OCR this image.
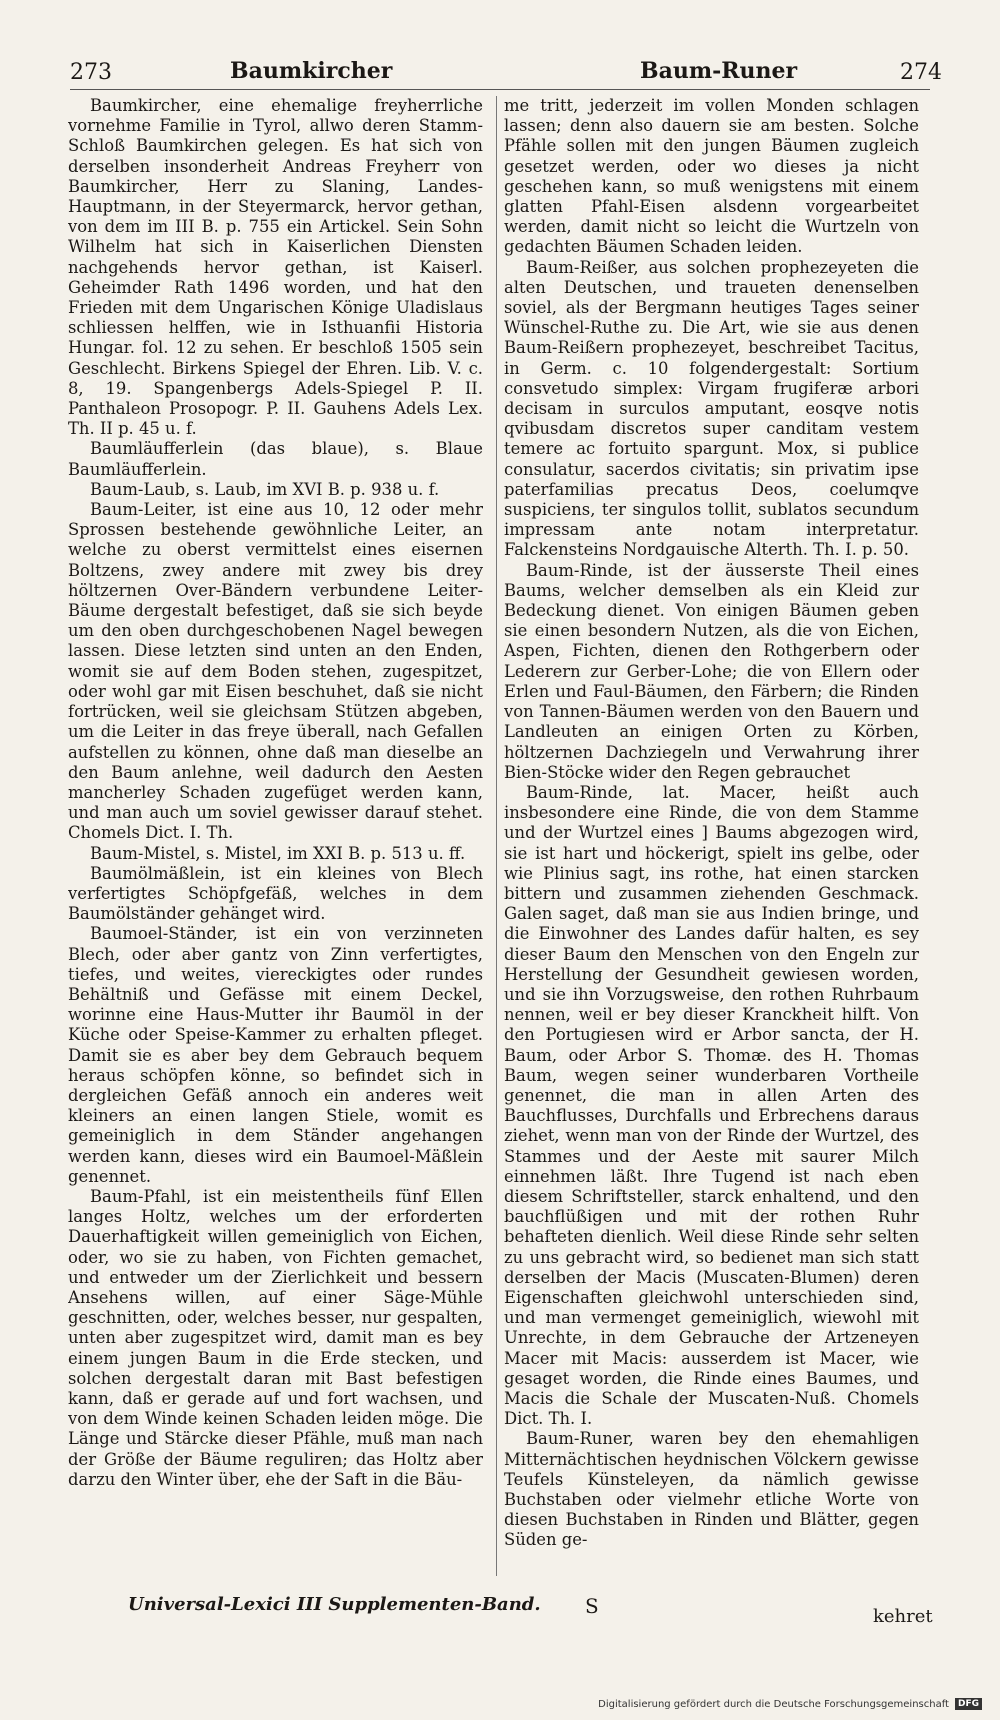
273	Baumkircher	Baum-Runer	274

Baumkircher, eine ehemalige freyherrliche vornehme Familie in Tyrol, allwo deren Stamm-Schloß Baumkirchen gelegen. Es hat sich von derselben insonderheit Andreas Freyherr von Baumkircher, Herr zu Slaning, Landes-Hauptmann, in der Steyermarck, hervor gethan, von dem im III B. p. 755 ein Artickel. Sein Sohn Wilhelm hat sich in Kaiserlichen Diensten nachgehends hervor gethan, ist Kaiserl. Geheimder Rath 1496 worden, und hat den Frieden mit dem Ungarischen Könige Uladislaus schliessen helffen, wie in Isthuanfii Historia Hungar. fol. 12 zu sehen. Er beschloß 1505 sein Geschlecht. Birkens Spiegel der Ehren. Lib. V. c. 8, 19. Spangenbergs Adels-Spiegel P. II. Panthaleon Prosopogr. P. II. Gauhens Adels Lex. Th. II p. 45 u. f.

Baumläufferlein (das blaue), s. Blaue Baumläufferlein.

Baum-Laub, s. Laub, im XVI B. p. 938 u. f.

Baum-Leiter, ist eine aus 10, 12 oder mehr Sprossen bestehende gewöhnliche Leiter, an welche zu oberst vermittelst eines eisernen Boltzens, zwey andere mit zwey bis drey höltzernen Over-Bändern verbundene Leiter-Bäume dergestalt befestiget, daß sie sich beyde um den oben durchgeschobenen Nagel bewegen lassen. Diese letzten sind unten an den Enden, womit sie auf dem Boden stehen, zugespitzet, oder wohl gar mit Eisen beschuhet, daß sie nicht fortrücken, weil sie gleichsam Stützen abgeben, um die Leiter in das freye überall, nach Gefallen aufstellen zu können, ohne daß man dieselbe an den Baum anlehne, weil dadurch den Aesten mancherley Schaden zugefüget werden kann, und man auch um soviel gewisser darauf stehet. Chomels Dict. I. Th.

Baum-Mistel, s. Mistel, im XXI B. p. 513 u. ff.

Baumölmäßlein, ist ein kleines von Blech verfertigtes Schöpfgefäß, welches in dem Baumölständer gehänget wird.

Baumoel-Ständer, ist ein von verzinneten Blech, oder aber gantz von Zinn verfertigtes, tiefes, und weites, viereckigtes oder rundes Behältniß und Gefässe mit einem Deckel, worinne eine Haus-Mutter ihr Baumöl in der Küche oder Speise-Kammer zu erhalten pfleget. Damit sie es aber bey dem Gebrauch bequem heraus schöpfen könne, so befindet sich in dergleichen Gefäß annoch ein anderes weit kleiners an einen langen Stiele, womit es gemeiniglich in dem Ständer angehangen werden kann, dieses wird ein Baumoel-Mäßlein genennet.

Baum-Pfahl, ist ein meistentheils fünf Ellen langes Holtz, welches um der erforderten Dauerhaftigkeit willen gemeiniglich von Eichen, oder, wo sie zu haben, von Fichten gemachet, und entweder um der Zierlichkeit und bessern Ansehens willen, auf einer Säge-Mühle geschnitten, oder, welches besser, nur gespalten, unten aber zugespitzet wird, damit man es bey einem jungen Baum in die Erde stecken, und solchen dergestalt daran mit Bast befestigen kann, daß er gerade auf und fort wachsen, und von dem Winde keinen Schaden leiden möge. Die Länge und Stärcke dieser Pfähle, muß man nach der Größe der Bäume reguliren; das Holtz aber darzu den Winter über, ehe der Saft in die Bäu-

me tritt, jederzeit im vollen Monden schlagen lassen; denn also dauern sie am besten. Solche Pfähle sollen mit den jungen Bäumen zugleich gesetzet werden, oder wo dieses ja nicht geschehen kann, so muß wenigstens mit einem glatten Pfahl-Eisen alsdenn vorgearbeitet werden, damit nicht so leicht die Wurtzeln von gedachten Bäumen Schaden leiden.

Baum-Reißer, aus solchen prophezeyeten die alten Deutschen, und traueten denenselben soviel, als der Bergmann heutiges Tages seiner Wünschel-Ruthe zu. Die Art, wie sie aus denen Baum-Reißern prophezeyet, beschreibet Tacitus, in Germ. c. 10 folgendergestalt: Sortium consvetudo simplex: Virgam frugiferæ arbori decisam in surculos amputant, eosqve notis qvibusdam discretos super canditam vestem temere ac fortuito spargunt. Mox, si publice consulatur, sacerdos civitatis; sin privatim ipse paterfamilias precatus Deos, coelumqve suspiciens, ter singulos tollit, sublatos secundum impressam ante notam interpretatur. Falckensteins Nordgauische Alterth. Th. I. p. 50.

Baum-Rinde, ist der äusserste Theil eines Baums, welcher demselben als ein Kleid zur Bedeckung dienet. Von einigen Bäumen geben sie einen besondern Nutzen, als die von Eichen, Aspen, Fichten, dienen den Rothgerbern oder Lederern zur Gerber-Lohe; die von Ellern oder Erlen und Faul-Bäumen, den Färbern; die Rinden von Tannen-Bäumen werden von den Bauern und Landleuten an einigen Orten zu Körben, höltzernen Dachziegeln und Verwahrung ihrer Bien-Stöcke wider den Regen gebrauchet

Baum-Rinde, lat. Macer, heißt auch insbesondere eine Rinde, die von dem Stamme und der Wurtzel eines ] Baums abgezogen wird, sie ist hart und höckerigt, spielt ins gelbe, oder wie Plinius sagt, ins rothe, hat einen starcken bittern und zusammen ziehenden Geschmack. Galen saget, daß man sie aus Indien bringe, und die Einwohner des Landes dafür halten, es sey dieser Baum den Menschen von den Engeln zur Herstellung der Gesundheit gewiesen worden, und sie ihn Vorzugsweise, den rothen Ruhrbaum nennen, weil er bey dieser Kranckheit hilft. Von den Portugiesen wird er Arbor sancta, der H. Baum, oder Arbor S. Thomæ. des H. Thomas Baum, wegen seiner wunderbaren Vortheile genennet, die man in allen Arten des Bauchflusses, Durchfalls und Erbrechens daraus ziehet, wenn man von der Rinde der Wurtzel, des Stammes und der Aeste mit saurer Milch einnehmen läßt. Ihre Tugend ist nach eben diesem Schriftsteller, starck enhaltend, und den bauchflüßigen und mit der rothen Ruhr behafteten dienlich. Weil diese Rinde sehr selten zu uns gebracht wird, so bedienet man sich statt derselben der Macis (Muscaten-Blumen) deren Eigenschaften gleichwohl unterschieden sind, und man vermenget gemeiniglich, wiewohl mit Unrechte, in dem Gebrauche der Artzeneyen Macer mit Macis: ausserdem ist Macer, wie gesaget worden, die Rinde eines Baumes, und Macis die Schale der Muscaten-Nuß. Chomels Dict. Th. I.

Baum-Runer, waren bey den ehemahligen Mitternächtischen heydnischen Völckern gewisse Teufels Künsteleyen, da nämlich gewisse Buchstaben oder vielmehr etliche Worte von diesen Buchstaben in Rinden und Blätter, gegen Süden ge-

Universal-Lexici III Supplementen-Band. S	kehret
Digitalisierung gefördert durch die Deutsche Forschungsgemeinschaft	DFG
